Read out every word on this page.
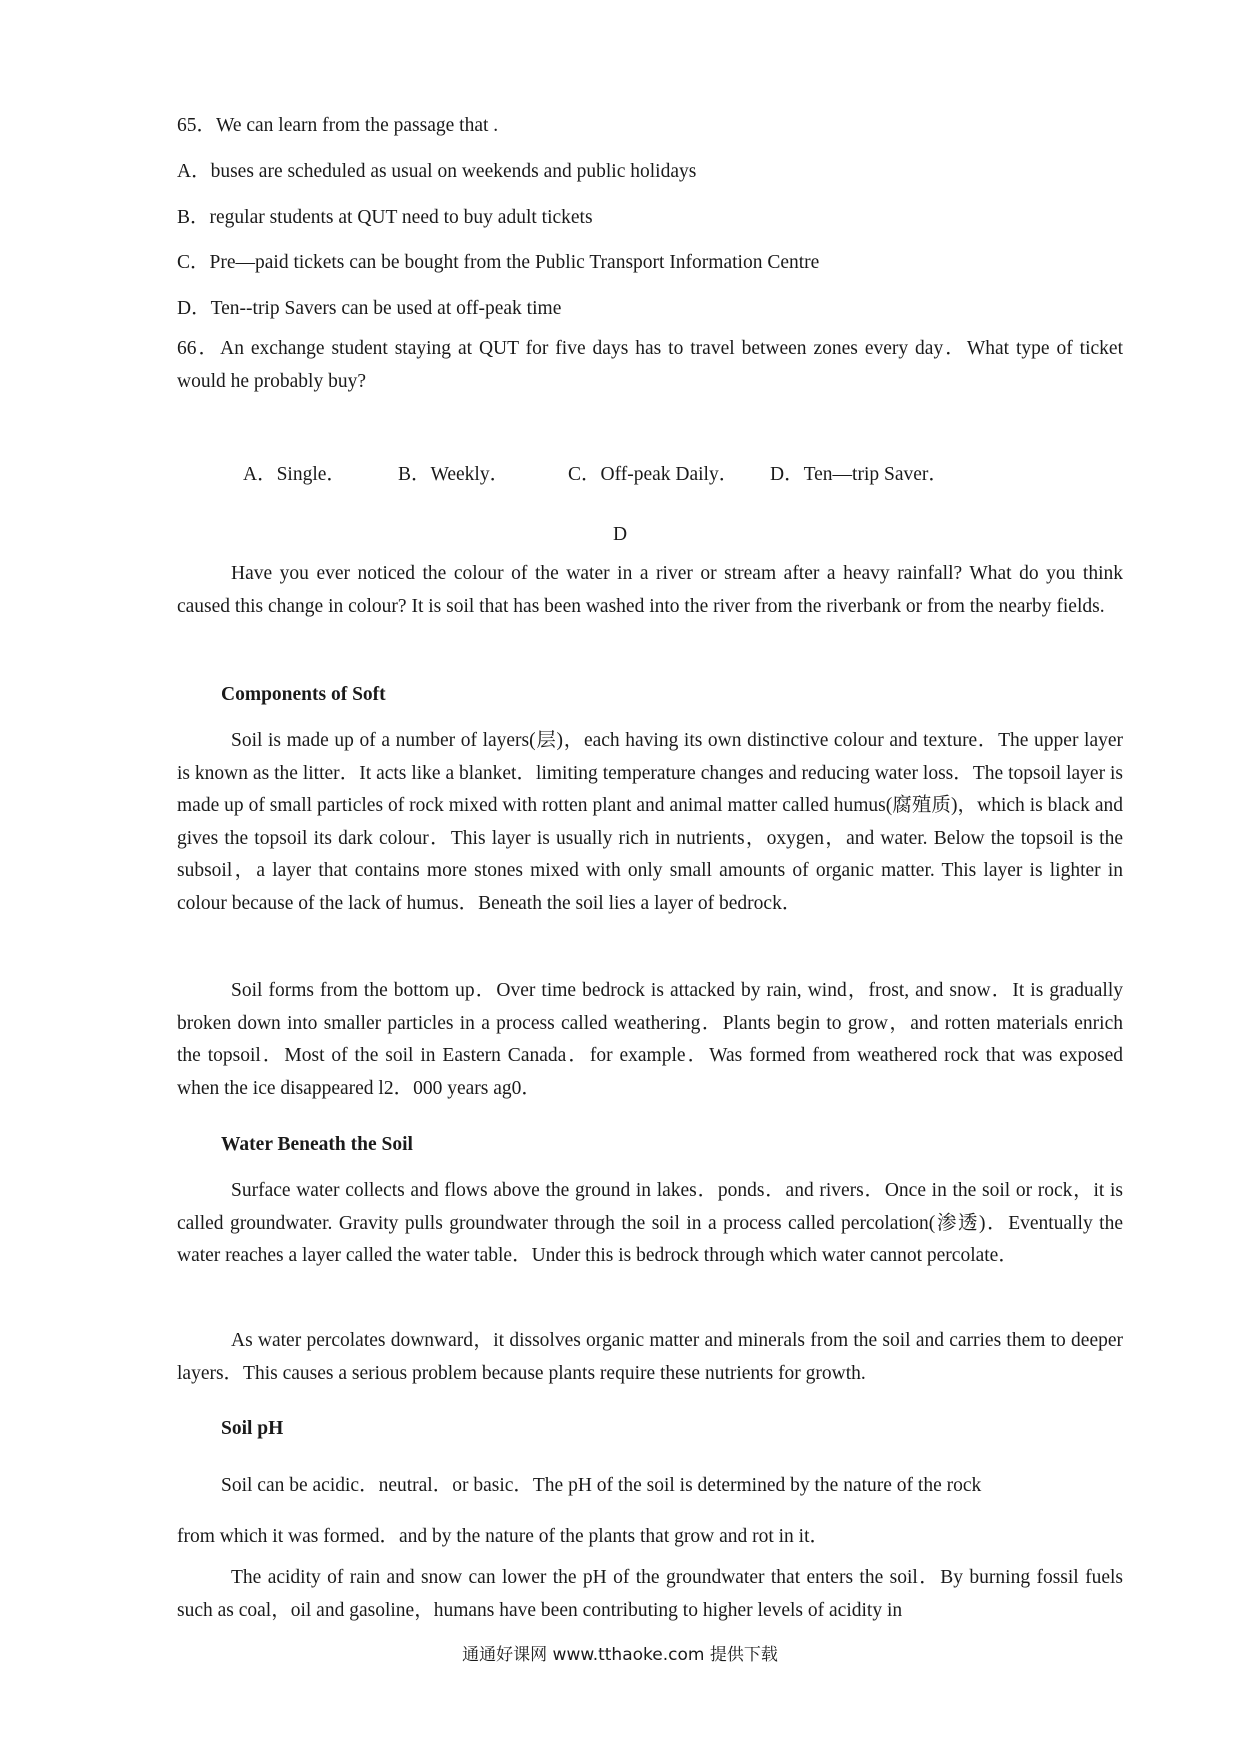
65．We can learn from the passage that .

A．buses are scheduled as usual on weekends and public holidays

B．regular students at QUT need to buy adult tickets

C．Pre—paid tickets can be bought from the Public Transport Information Centre

D．Ten--trip Savers can be used at off-peak time

66．An exchange student staying at QUT for five days has to travel between zones every day．What type of ticket would he probably buy?

A．Single．	B．Weekly．	C．Off-peak Daily． D．Ten—trip Saver．

D

Have you ever noticed the colour of the water in a river or stream after a heavy rainfall? What do you think caused this change in colour? It is soil that has been washed into the river from the riverbank or from the nearby fields.

Components of Soft

Soil is made up of a number of layers(层)，each having its own distinctive colour and texture．The upper layer is known as the litter．It acts like a blanket．limiting temperature changes and reducing water loss．The topsoil layer is made up of small particles of rock mixed with rotten plant and animal matter called humus(腐殖质)，which is black and gives the topsoil its dark colour．This layer is usually rich in nutrients，oxygen，and water. Below the topsoil is the subsoil，a layer that contains more stones mixed with only small amounts of organic matter. This layer is lighter in colour because of the lack of humus．Beneath the soil lies a layer of bedrock．

Soil forms from the bottom up．Over time bedrock is attacked by rain, wind，frost, and snow．It is gradually broken down into smaller particles in a process called weathering．Plants begin to grow，and rotten materials enrich the topsoil．Most of the soil in Eastern Canada．for example．Was formed from weathered rock that was exposed when the ice disappeared l2．000 years ag0．

Water Beneath the Soil

Surface water collects and flows above the ground in lakes．ponds．and rivers．Once in the soil or rock，it is called groundwater. Gravity pulls groundwater through the soil in a process called percolation(渗透)．Eventually the water reaches a layer called the water table．Under this is bedrock through which water cannot percolate．

As water percolates downward，it dissolves organic matter and minerals from the soil and carries them to deeper layers．This causes a serious problem because plants require these nutrients for growth.

Soil pH

Soil can be acidic．neutral．or basic．The pH of the soil is determined by the nature of the rock

from which it was formed．and by the nature of the plants that grow and rot in it．

The acidity of rain and snow can lower the pH of the groundwater that enters the soil．By burning fossil fuels such as coal，oil and gasoline，humans have been contributing to higher levels of acidity in

通通好课网 www.tthaoke.com 提供下载
